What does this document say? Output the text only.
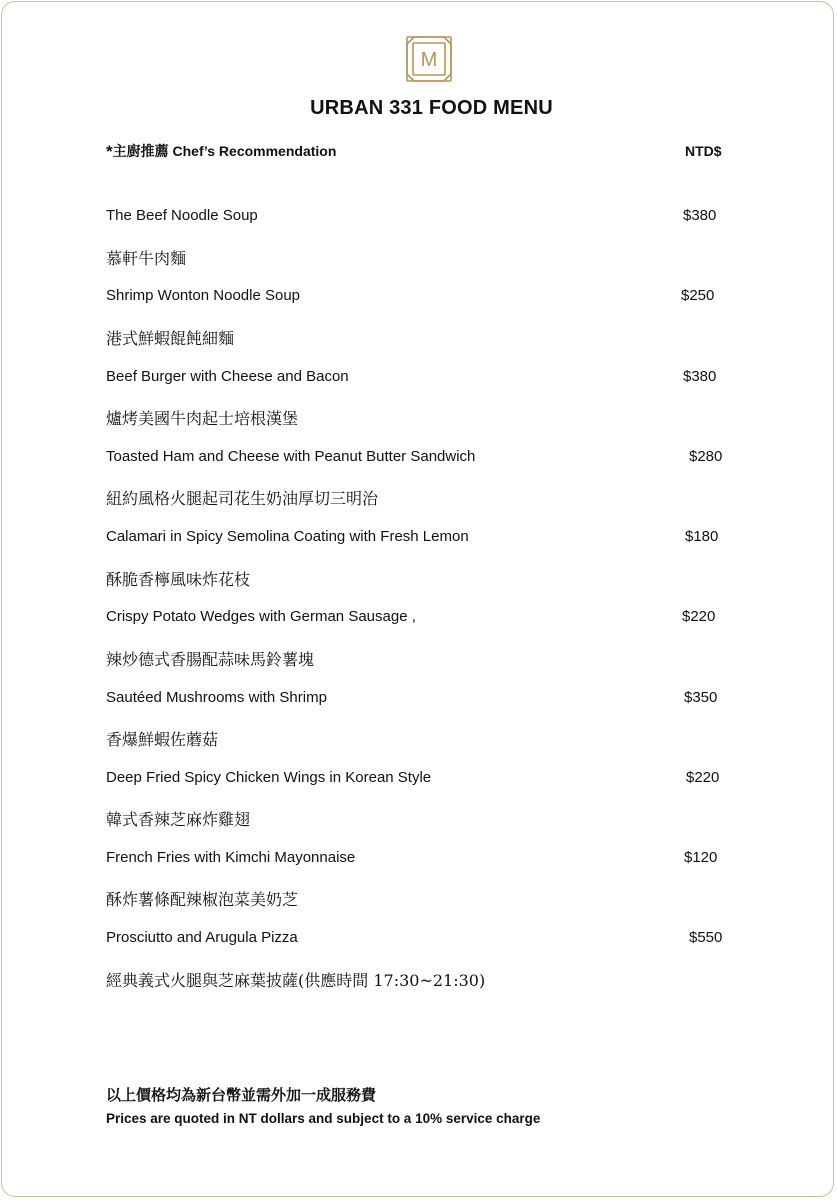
M
URBAN 331 FOOD MENU
*主廚推薦 Chef’s Recommendation	NTD$
The Beef Noodle Soup	$380
慕軒牛肉麵
Shrimp Wonton Noodle Soup	$250
港式鮮蝦餛飩細麵
Beef Burger with Cheese and Bacon	$380
爐烤美國牛肉起士培根漢堡
Toasted Ham and Cheese with Peanut Butter Sandwich	$280
紐約風格火腿起司花生奶油厚切三明治
Calamari in Spicy Semolina Coating with Fresh Lemon	$180
酥脆香檸風味炸花枝
Crispy Potato Wedges with German Sausage ,	$220
辣炒德式香腸配蒜味馬鈴薯塊
Sautéed Mushrooms with Shrimp	$350
香爆鮮蝦佐蘑菇
Deep Fried Spicy Chicken Wings in Korean Style	$220
韓式香辣芝麻炸雞翅
French Fries with Kimchi Mayonnaise	$120
酥炸薯條配辣椒泡菜美奶芝
Prosciutto and Arugula Pizza	$550
經典義式火腿與芝麻葉披薩(供應時間 17:30~21:30)
以上價格均為新台幣並需外加一成服務費
Prices are quoted in NT dollars and subject to a 10% service charge
